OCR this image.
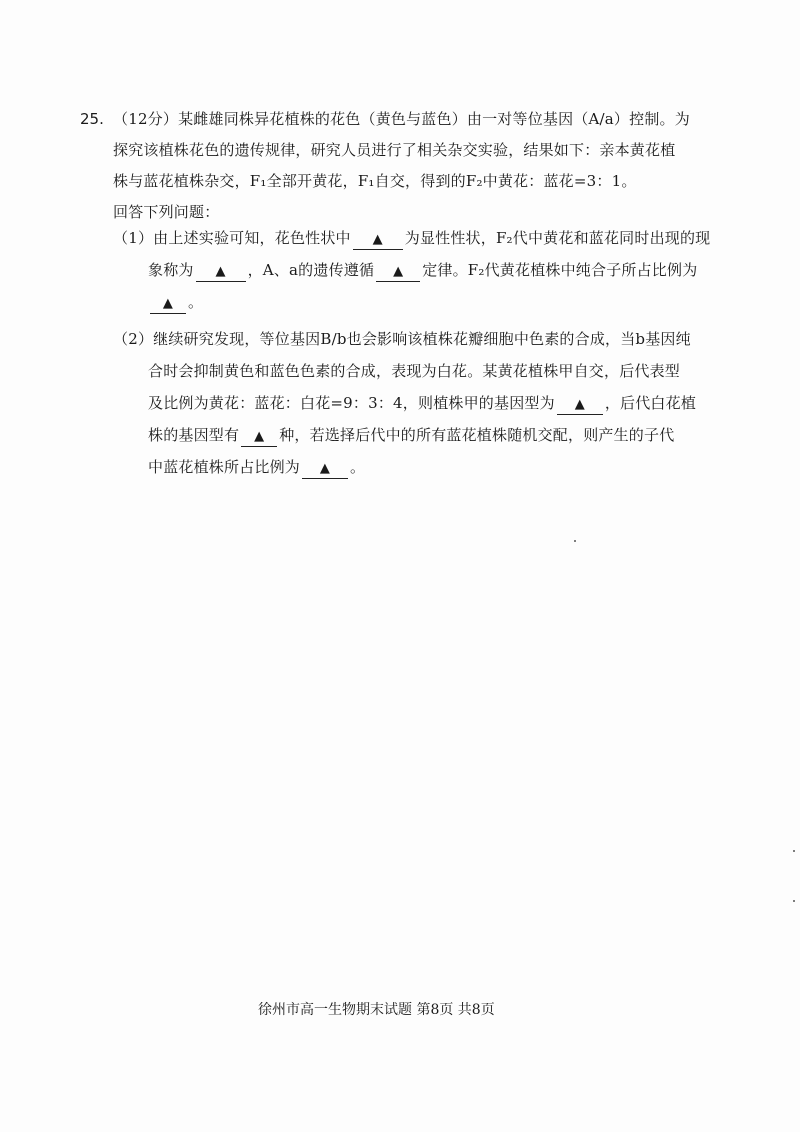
25. （12分）某雌雄同株异花植株的花色（黄色与蓝色）由一对等位基因（A/a）控制。为
探究该植株花色的遗传规律，研究人员进行了相关杂交实验，结果如下：亲本黄花植
株与蓝花植株杂交，F₁全部开黄花，F₁自交，得到的F₂中黄花：蓝花=3：1。
回答下列问题：
（1）由上述实验可知，花色性状中 ▲ 为显性性状，F₂代中黄花和蓝花同时出现的现
象称为 ▲ ，A、a的遗传遵循 ▲ 定律。F₂代黄花植株中纯合子所占比例为
▲ 。
（2）继续研究发现，等位基因B/b也会影响该植株花瓣细胞中色素的合成，当b基因纯
合时会抑制黄色和蓝色色素的合成，表现为白花。某黄花植株甲自交，后代表型
及比例为黄花：蓝花：白花=9：3：4，则植株甲的基因型为 ▲ ，后代白花植
株的基因型有 ▲ 种，若选择后代中的所有蓝花植株随机交配，则产生的子代
中蓝花植株所占比例为 ▲ 。
徐州市高一生物期末试题 第8页 共8页
